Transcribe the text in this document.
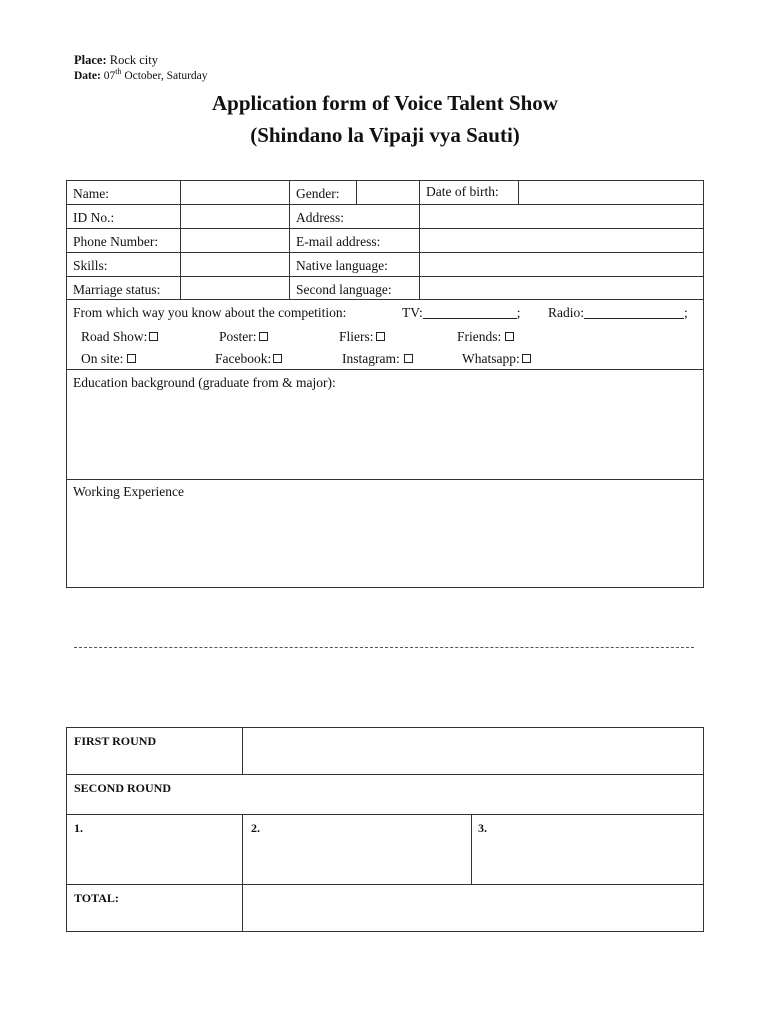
Place: Rock city
Date: 07th October, Saturday
Application form of Voice Talent Show
(Shindano la Vipaji vya Sauti)
Name:	Gender:	Date of birth:
ID No.:	Address:
Phone Number:	E-mail address:
Skills:	Native language:
Marriage status:	Second language:
From which way you know about the competition:	TV:	; Radio:	;
Road Show:	Poster:	Fliers:	Friends:
On site:	Facebook:	Instagram:	Whatsapp:
Education background (graduate from & major):
Working Experience
FIRST ROUND
SECOND ROUND
1.	2.	3.
TOTAL:
